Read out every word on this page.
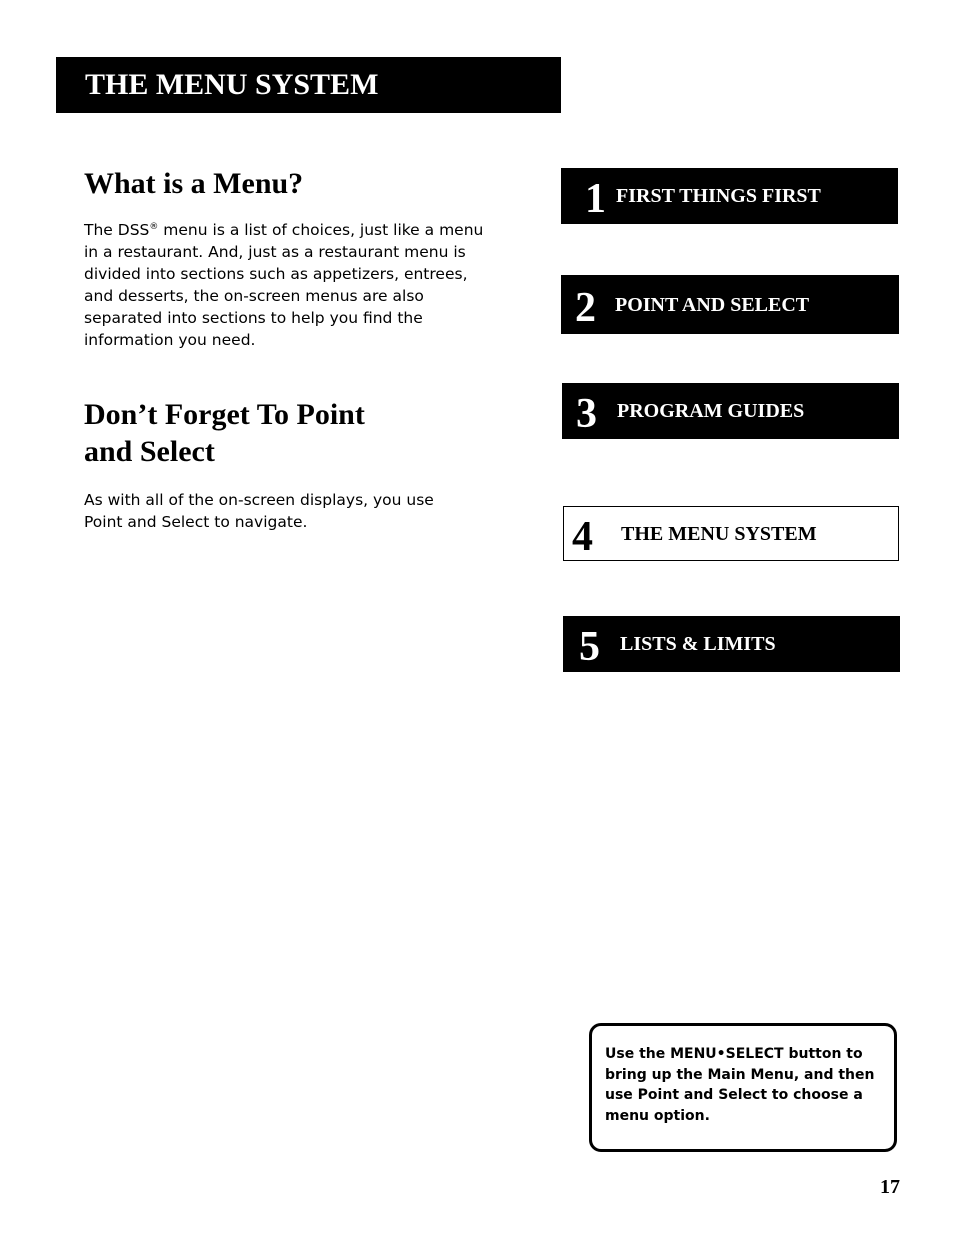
THE MENU SYSTEM
What is a Menu?

The DSS® menu is a list of choices, just like a menu in a restaurant. And, just as a restaurant menu is divided into sections such as appetizers, entrees, and desserts, the on-screen menus are also separated into sections to help you find the information you need.

Don’t Forget To Point
and Select

As with all of the on-screen displays, you use Point and Select to navigate.

1 FIRST THINGS FIRST
2 POINT AND SELECT
3	PROGRAM GUIDES
4	THE MENU SYSTEM
5	LISTS & LIMITS
Use the MENU•SELECT button to bring up the Main Menu, and then use Point and Select to choose a menu option.
17
